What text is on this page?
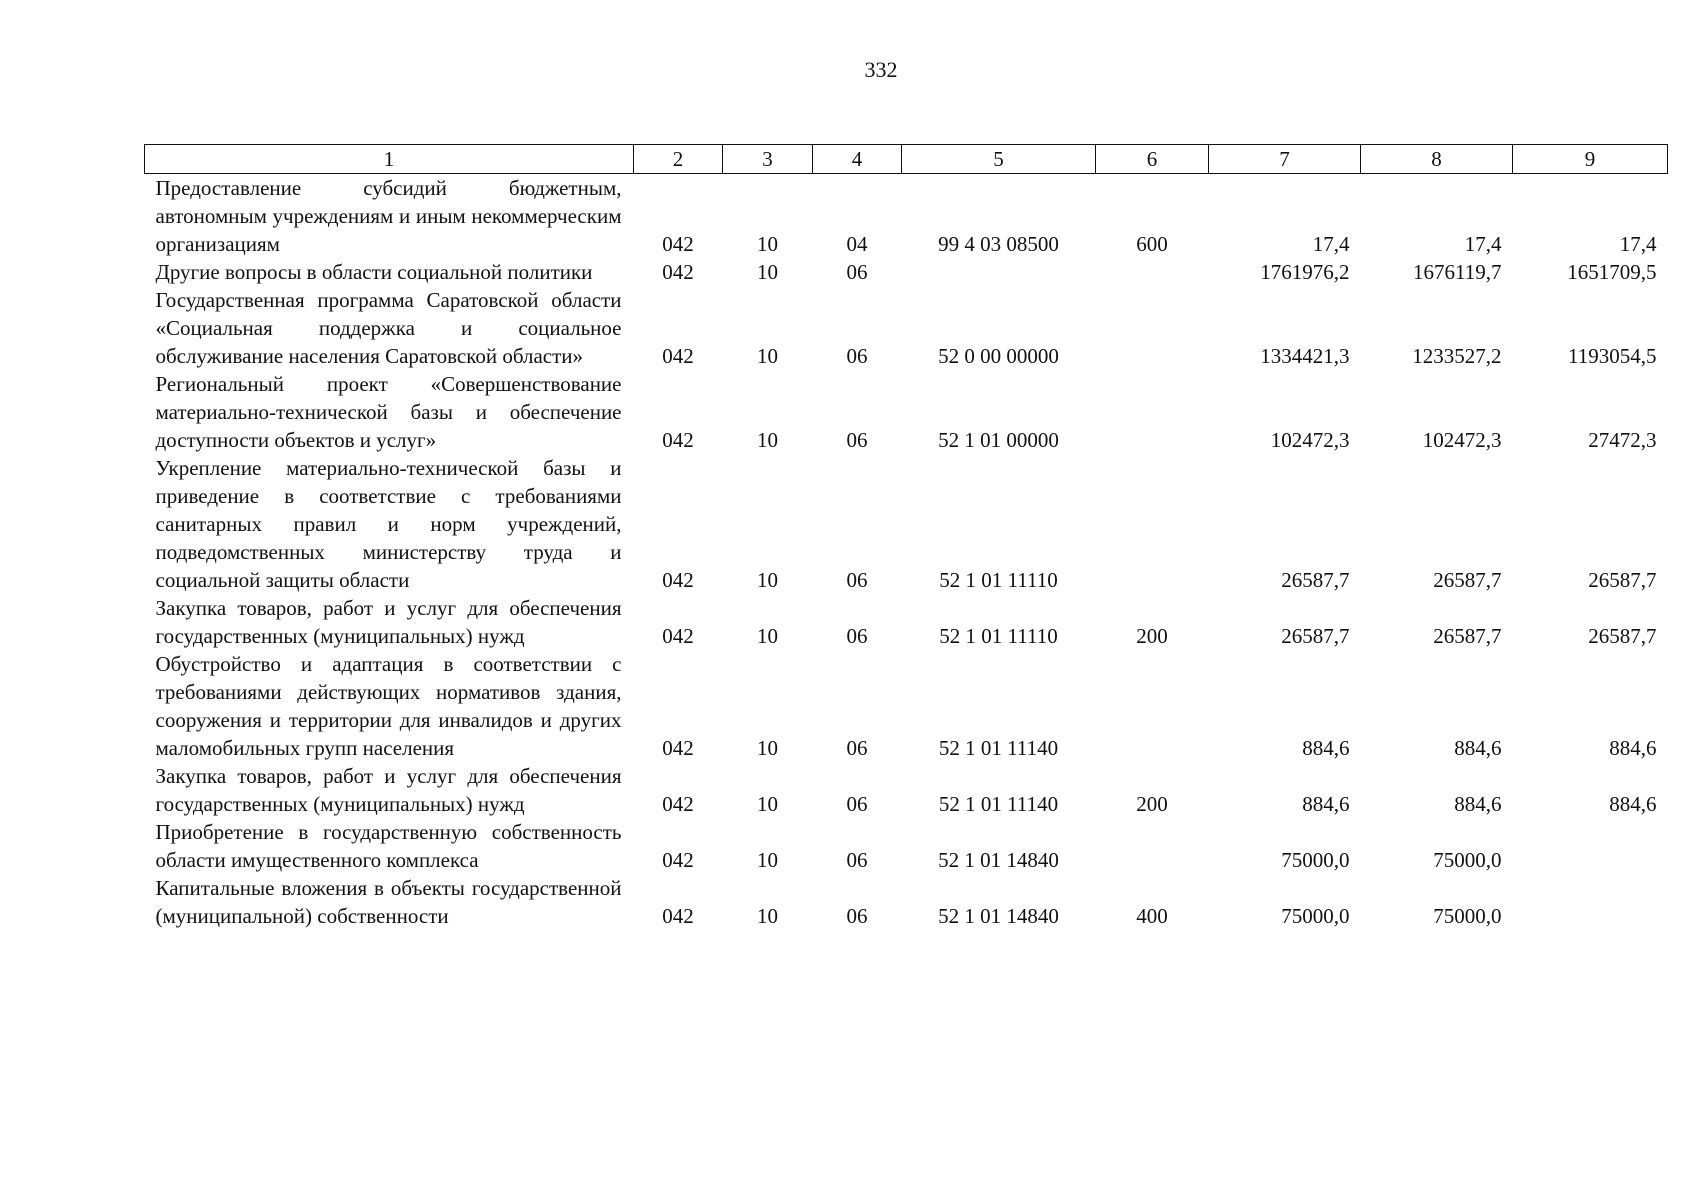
332
1	2	3	4	5	6	7	8	9
Предоставление субсидий бюджетным, автономным учреждениям и иным некоммерческим организациям	042	10	04	99 4 03 08500	600	17,4	17,4	17,4
Другие вопросы в области социальной политики	042	10	06			1761976,2	1676119,7	1651709,5
Государственная программа Саратовской области «Социальная поддержка и социальное обслуживание населения Саратовской области»	042	10	06	52 0 00 00000		1334421,3	1233527,2	1193054,5
Региональный проект «Совершенствование материально-технической базы и обеспечение доступности объектов и услуг»	042	10	06	52 1 01 00000		102472,3	102472,3	27472,3
Укрепление материально-технической базы и приведение в соответствие с требованиями санитарных правил и норм учреждений, подведомственных министерству труда и социальной защиты области	042	10	06	52 1 01 11110		26587,7	26587,7	26587,7
Закупка товаров, работ и услуг для обеспечения государственных (муниципальных) нужд	042	10	06	52 1 01 11110	200	26587,7	26587,7	26587,7
Обустройство и адаптация в соответствии с требованиями действующих нормативов здания, сооружения и территории для инвалидов и других маломобильных групп населения	042	10	06	52 1 01 11140		884,6	884,6	884,6
Закупка товаров, работ и услуг для обеспечения государственных (муниципальных) нужд	042	10	06	52 1 01 11140	200	884,6	884,6	884,6
Приобретение в государственную собственность области имущественного комплекса	042	10	06	52 1 01 14840		75000,0	75000,0	
Капитальные вложения в объекты государственной (муниципальной) собственности	042	10	06	52 1 01 14840	400	75000,0	75000,0	
